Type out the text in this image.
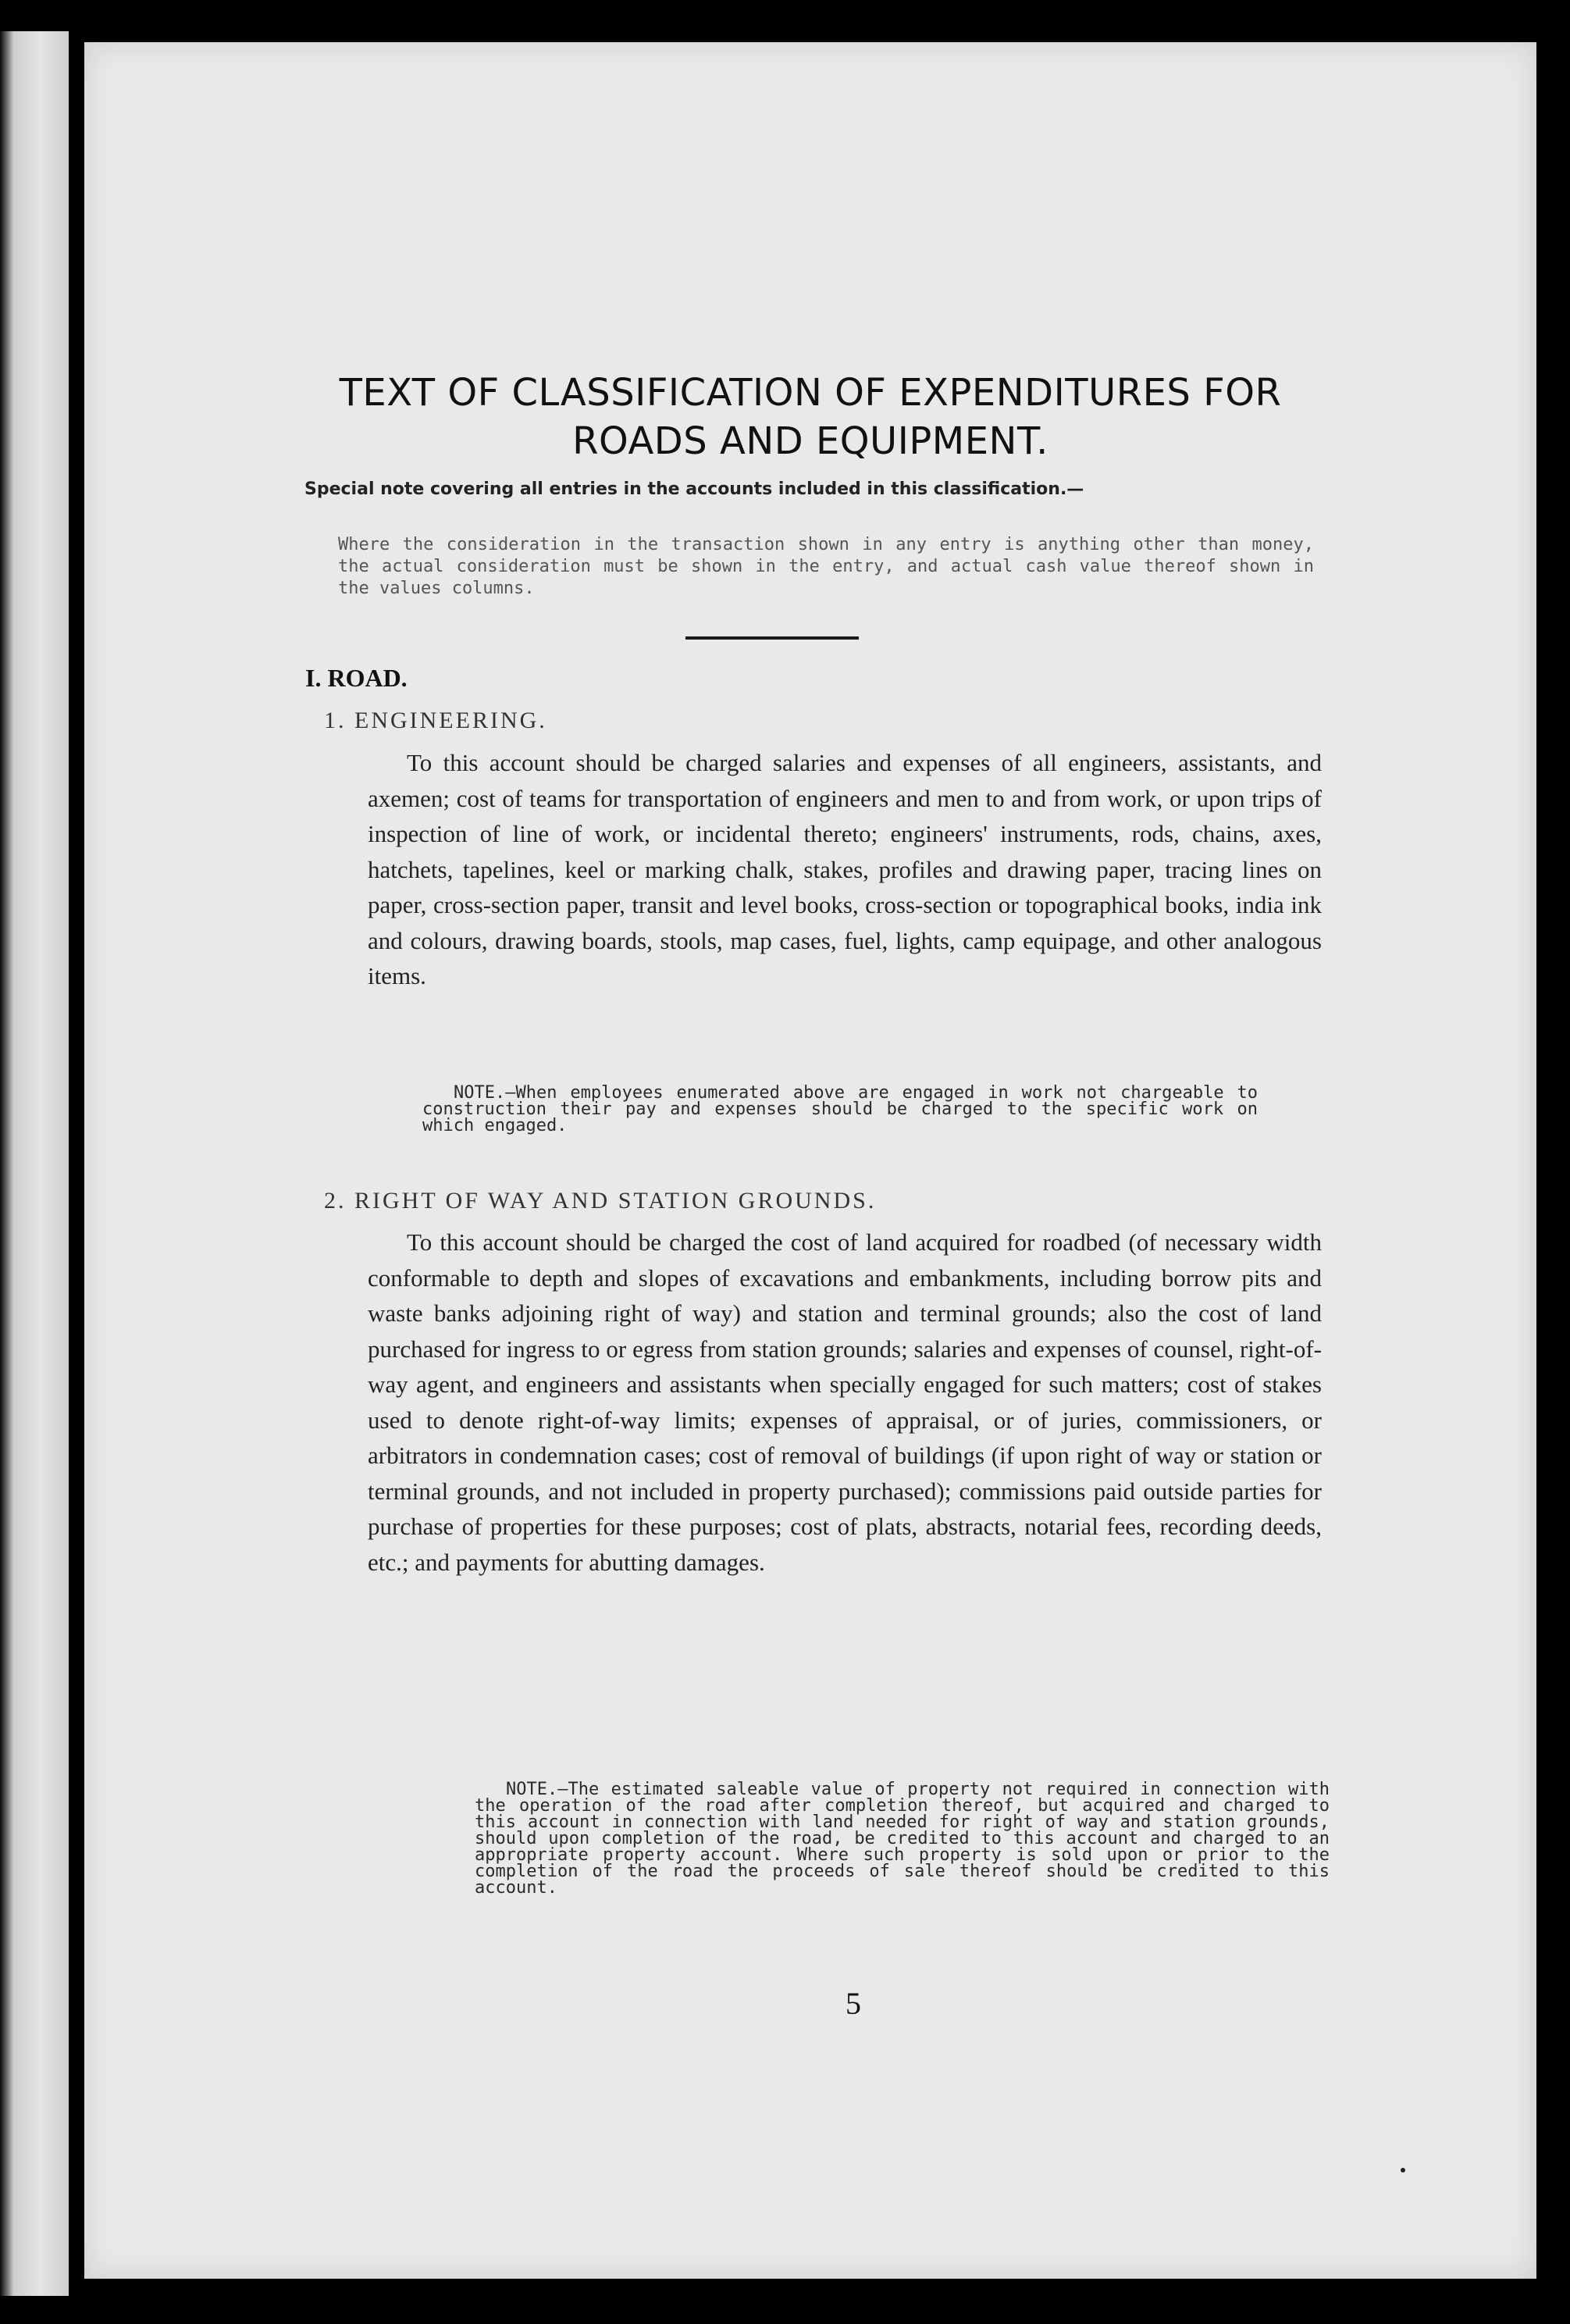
TEXT OF CLASSIFICATION OF EXPENDITURES FOR
ROADS AND EQUIPMENT.
Special note covering all entries in the accounts included in this classification.—
Where the consideration in the transaction shown in any entry is anything other than money, the actual consideration must be shown in the entry, and actual cash value thereof shown in the values columns.
I. ROAD.
1. ENGINEERING.
To this account should be charged salaries and expenses of all engineers, assistants, and axemen; cost of teams for transportation of engineers and men to and from work, or upon trips of inspection of line of work, or incidental thereto; engineers' instruments, rods, chains, axes, hatchets, tapelines, keel or marking chalk, stakes, profiles and drawing paper, tracing lines on paper, cross-section paper, transit and level books, cross-section or topographical books, india ink and colours, drawing boards, stools, map cases, fuel, lights, camp equipage, and other analogous items.
NOTE.—When employees enumerated above are engaged in work not chargeable to construction their pay and expenses should be charged to the specific work on which engaged.
2. RIGHT OF WAY AND STATION GROUNDS.
To this account should be charged the cost of land acquired for roadbed (of necessary width conformable to depth and slopes of excavations and embankments, including borrow pits and waste banks adjoining right of way) and station and terminal grounds; also the cost of land purchased for ingress to or egress from station grounds; salaries and expenses of counsel, right-of-way agent, and engineers and assistants when specially engaged for such matters; cost of stakes used to denote right-of-way limits; expenses of appraisal, or of juries, commissioners, or arbitrators in condemnation cases; cost of removal of buildings (if upon right of way or station or terminal grounds, and not included in property purchased); commissions paid outside parties for purchase of properties for these purposes; cost of plats, abstracts, notarial fees, recording deeds, etc.; and payments for abutting damages.
NOTE.—The estimated saleable value of property not required in connection with the operation of the road after completion thereof, but acquired and charged to this account in connection with land needed for right of way and station grounds, should upon completion of the road, be credited to this account and charged to an appropriate property account. Where such property is sold upon or prior to the completion of the road the proceeds of sale thereof should be credited to this account.
5
